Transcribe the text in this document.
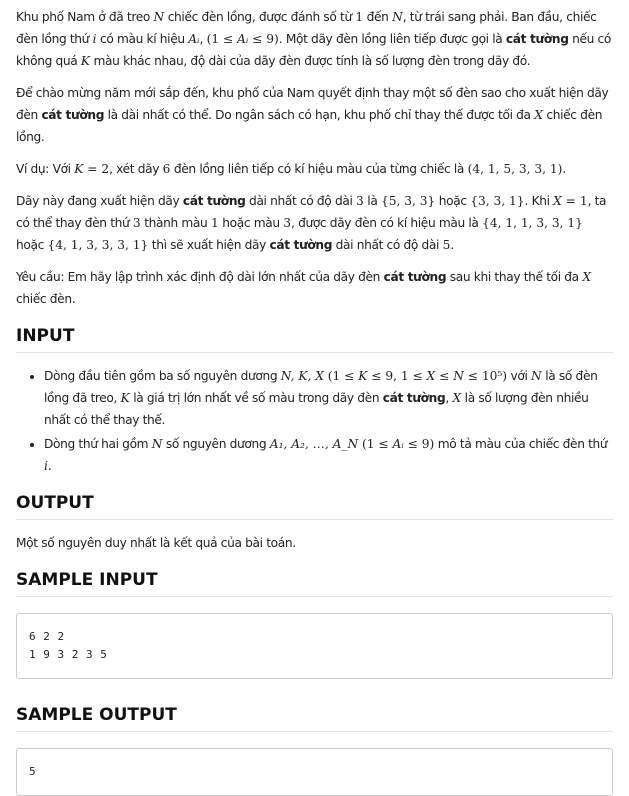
Khu phố Nam ở đã treo N chiếc đèn lồng, được đánh số từ 1 đến N, từ trái sang phải. Ban đầu, chiếc đèn lồng thứ i có màu kí hiệu Aᵢ, (1 ≤ Aᵢ ≤ 9). Một dãy đèn lồng liên tiếp được gọi là cát tường nếu có không quá K màu khác nhau, độ dài của dãy đèn được tính là số lượng đèn trong dãy đó.

Để chào mừng năm mới sắp đến, khu phố của Nam quyết định thay một số đèn sao cho xuất hiện dãy đèn cát tường là dài nhất có thể. Do ngân sách có hạn, khu phố chỉ thay thế được tối đa X chiếc đèn lồng.

Ví dụ: Với K = 2, xét dãy 6 đèn lồng liên tiếp có kí hiệu màu của từng chiếc là (4, 1, 5, 3, 3, 1).

Dãy này đang xuất hiện dãy cát tường dài nhất có độ dài 3 là {5, 3, 3} hoặc {3, 3, 1}. Khi X = 1, ta có thể thay đèn thứ 3 thành màu 1 hoặc màu 3, được dãy đèn có kí hiệu màu là {4, 1, 1, 3, 3, 1} hoặc {4, 1, 3, 3, 3, 1} thì sẽ xuất hiện dãy cát tường dài nhất có độ dài 5.

Yêu cầu: Em hãy lập trình xác định độ dài lớn nhất của dãy đèn cát tường sau khi thay thế tối đa X chiếc đèn.

INPUT
• Dòng đầu tiên gồm ba số nguyên dương N, K, X (1 ≤ K ≤ 9, 1 ≤ X ≤ N ≤ 10⁵) với N là số đèn lồng đã treo, K là giá trị lớn nhất về số màu trong dãy đèn cát tường, X là số lượng đèn nhiều nhất có thể thay thế.
• Dòng thứ hai gồm N số nguyên dương A₁, A₂, …, A_N (1 ≤ Aᵢ ≤ 9) mô tả màu của chiếc đèn thứ i.
OUTPUT

Một số nguyên duy nhất là kết quả của bài toán.

SAMPLE INPUT
6 2 2
1 9 3 2 3 5
SAMPLE OUTPUT
5
